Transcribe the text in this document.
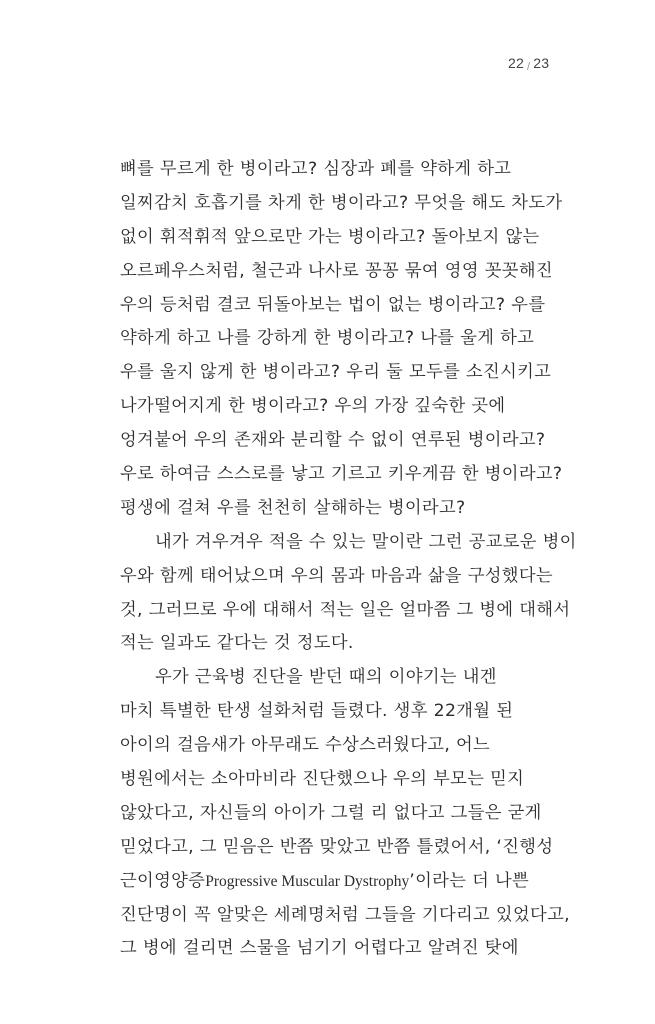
22 / 23
뼈를 무르게 한 병이라고? 심장과 폐를 약하게 하고
일찌감치 호흡기를 차게 한 병이라고? 무엇을 해도 차도가
없이 휘적휘적 앞으로만 가는 병이라고? 돌아보지 않는
오르페우스처럼, 철근과 나사로 꽁꽁 묶여 영영 꼿꼿해진
우의 등처럼 결코 뒤돌아보는 법이 없는 병이라고? 우를
약하게 하고 나를 강하게 한 병이라고? 나를 울게 하고
우를 울지 않게 한 병이라고? 우리 둘 모두를 소진시키고
나가떨어지게 한 병이라고? 우의 가장 깊숙한 곳에
엉겨붙어 우의 존재와 분리할 수 없이 연루된 병이라고?
우로 하여금 스스로를 낳고 기르고 키우게끔 한 병이라고?
평생에 걸쳐 우를 천천히 살해하는 병이라고?
내가 겨우겨우 적을 수 있는 말이란 그런 공교로운 병이
우와 함께 태어났으며 우의 몸과 마음과 삶을 구성했다는
것, 그러므로 우에 대해서 적는 일은 얼마쯤 그 병에 대해서
적는 일과도 같다는 것 정도다.
우가 근육병 진단을 받던 때의 이야기는 내겐
마치 특별한 탄생 설화처럼 들렸다. 생후 22개월 된
아이의 걸음새가 아무래도 수상스러웠다고, 어느
병원에서는 소아마비라 진단했으나 우의 부모는 믿지
않았다고, 자신들의 아이가 그럴 리 없다고 그들은 굳게
믿었다고, 그 믿음은 반쯤 맞았고 반쯤 틀렸어서, ‘진행성
근이영양증Progressive Muscular Dystrophy’이라는 더 나쁜
진단명이 꼭 알맞은 세례명처럼 그들을 기다리고 있었다고,
그 병에 걸리면 스물을 넘기기 어렵다고 알려진 탓에
